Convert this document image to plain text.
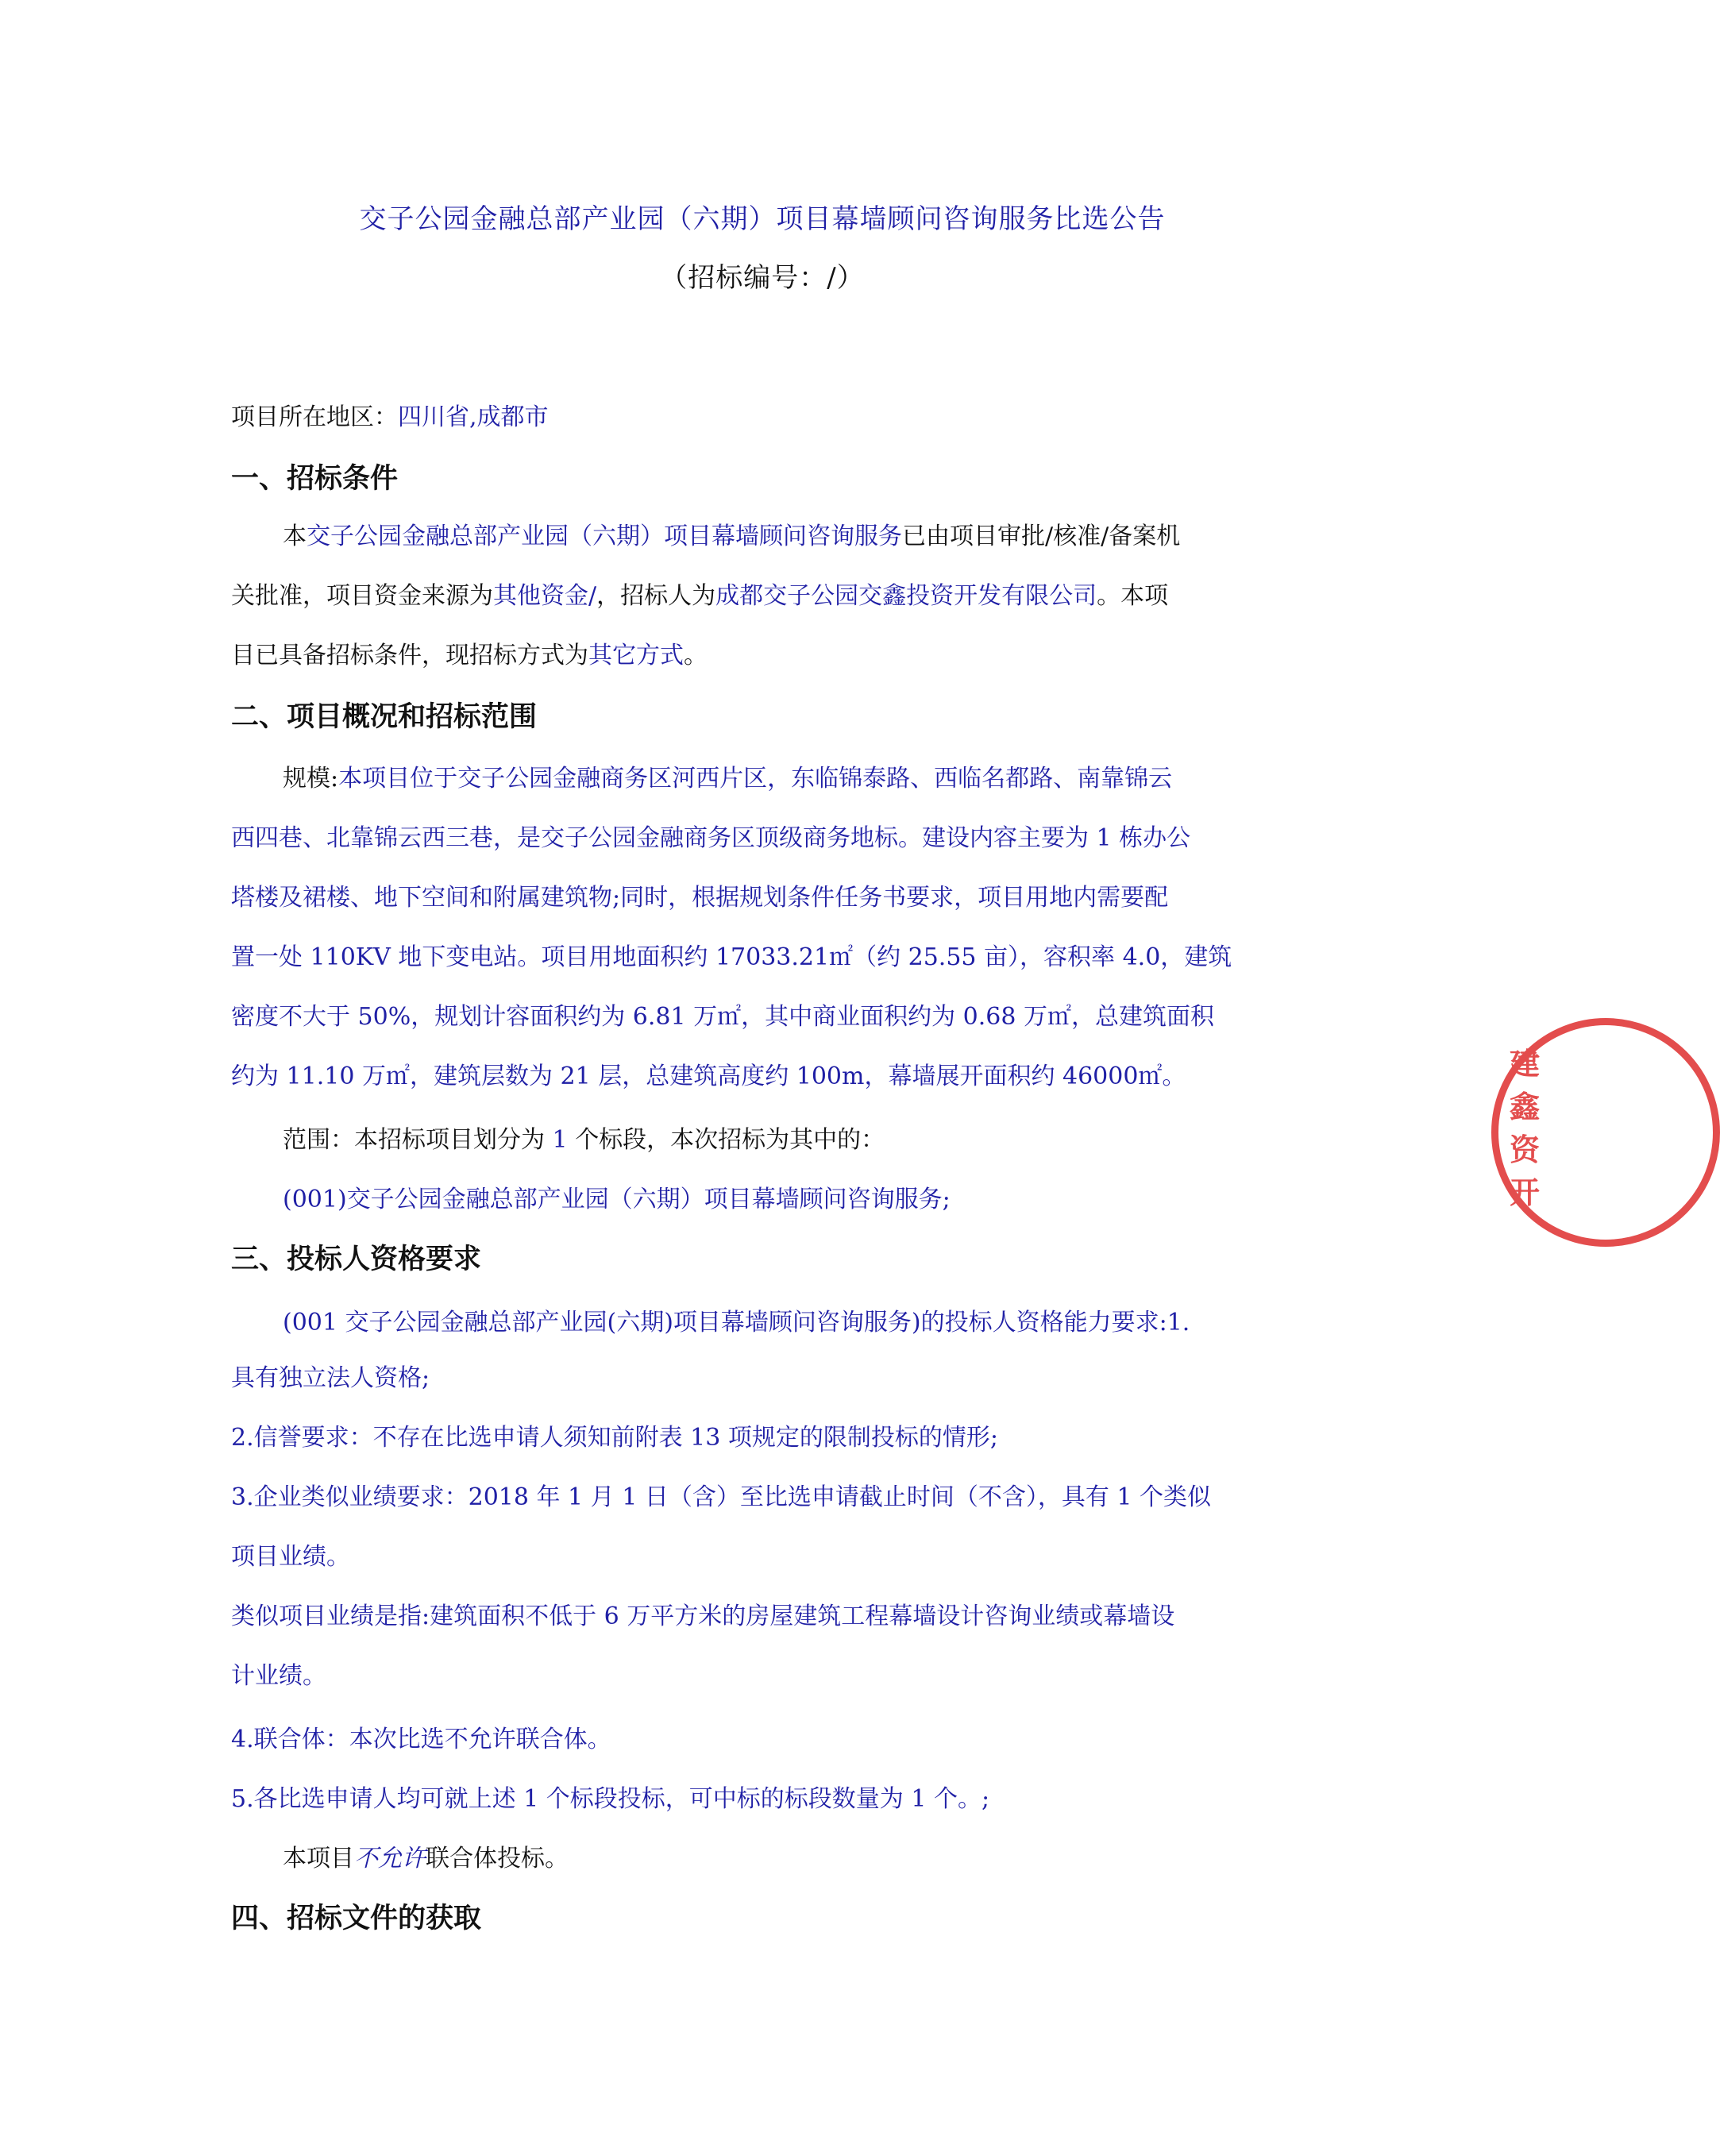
交子公园金融总部产业园（六期）项目幕墙顾问咨询服务比选公告
（招标编号：/）
项目所在地区：四川省,成都市
一、招标条件
本交子公园金融总部产业园（六期）项目幕墙顾问咨询服务已由项目审批/核准/备案机
关批准，项目资金来源为其他资金/，招标人为成都交子公园交鑫投资开发有限公司。本项
目已具备招标条件，现招标方式为其它方式。
二、项目概况和招标范围
规模:本项目位于交子公园金融商务区河西片区，东临锦泰路、西临名都路、南靠锦云
西四巷、北靠锦云西三巷，是交子公园金融商务区顶级商务地标。建设内容主要为 1 栋办公
塔楼及裙楼、地下空间和附属建筑物;同时，根据规划条件任务书要求，项目用地内需要配
置一处 110KV 地下变电站。项目用地面积约 17033.21㎡（约 25.55 亩），容积率 4.0，建筑
密度不大于 50%，规划计容面积约为 6.81 万㎡，其中商业面积约为 0.68 万㎡，总建筑面积
约为 11.10 万㎡，建筑层数为 21 层，总建筑高度约 100m，幕墙展开面积约 46000㎡。
范围：本招标项目划分为 1 个标段，本次招标为其中的：
(001)交子公园金融总部产业园（六期）项目幕墙顾问咨询服务;
三、投标人资格要求
(001 交子公园金融总部产业园(六期)项目幕墙顾问咨询服务)的投标人资格能力要求:1.
具有独立法人资格;
2.信誉要求：不存在比选申请人须知前附表 13 项规定的限制投标的情形;
3.企业类似业绩要求：2018 年 1 月 1 日（含）至比选申请截止时间（不含），具有 1 个类似
项目业绩。
类似项目业绩是指:建筑面积不低于 6 万平方米的房屋建筑工程幕墙设计咨询业绩或幕墙设
计业绩。
4.联合体：本次比选不允许联合体。
5.各比选申请人均可就上述 1 个标段投标，可中标的标段数量为 1 个。;
本项目不允许联合体投标。
四、招标文件的获取
建 鑫 资 开
